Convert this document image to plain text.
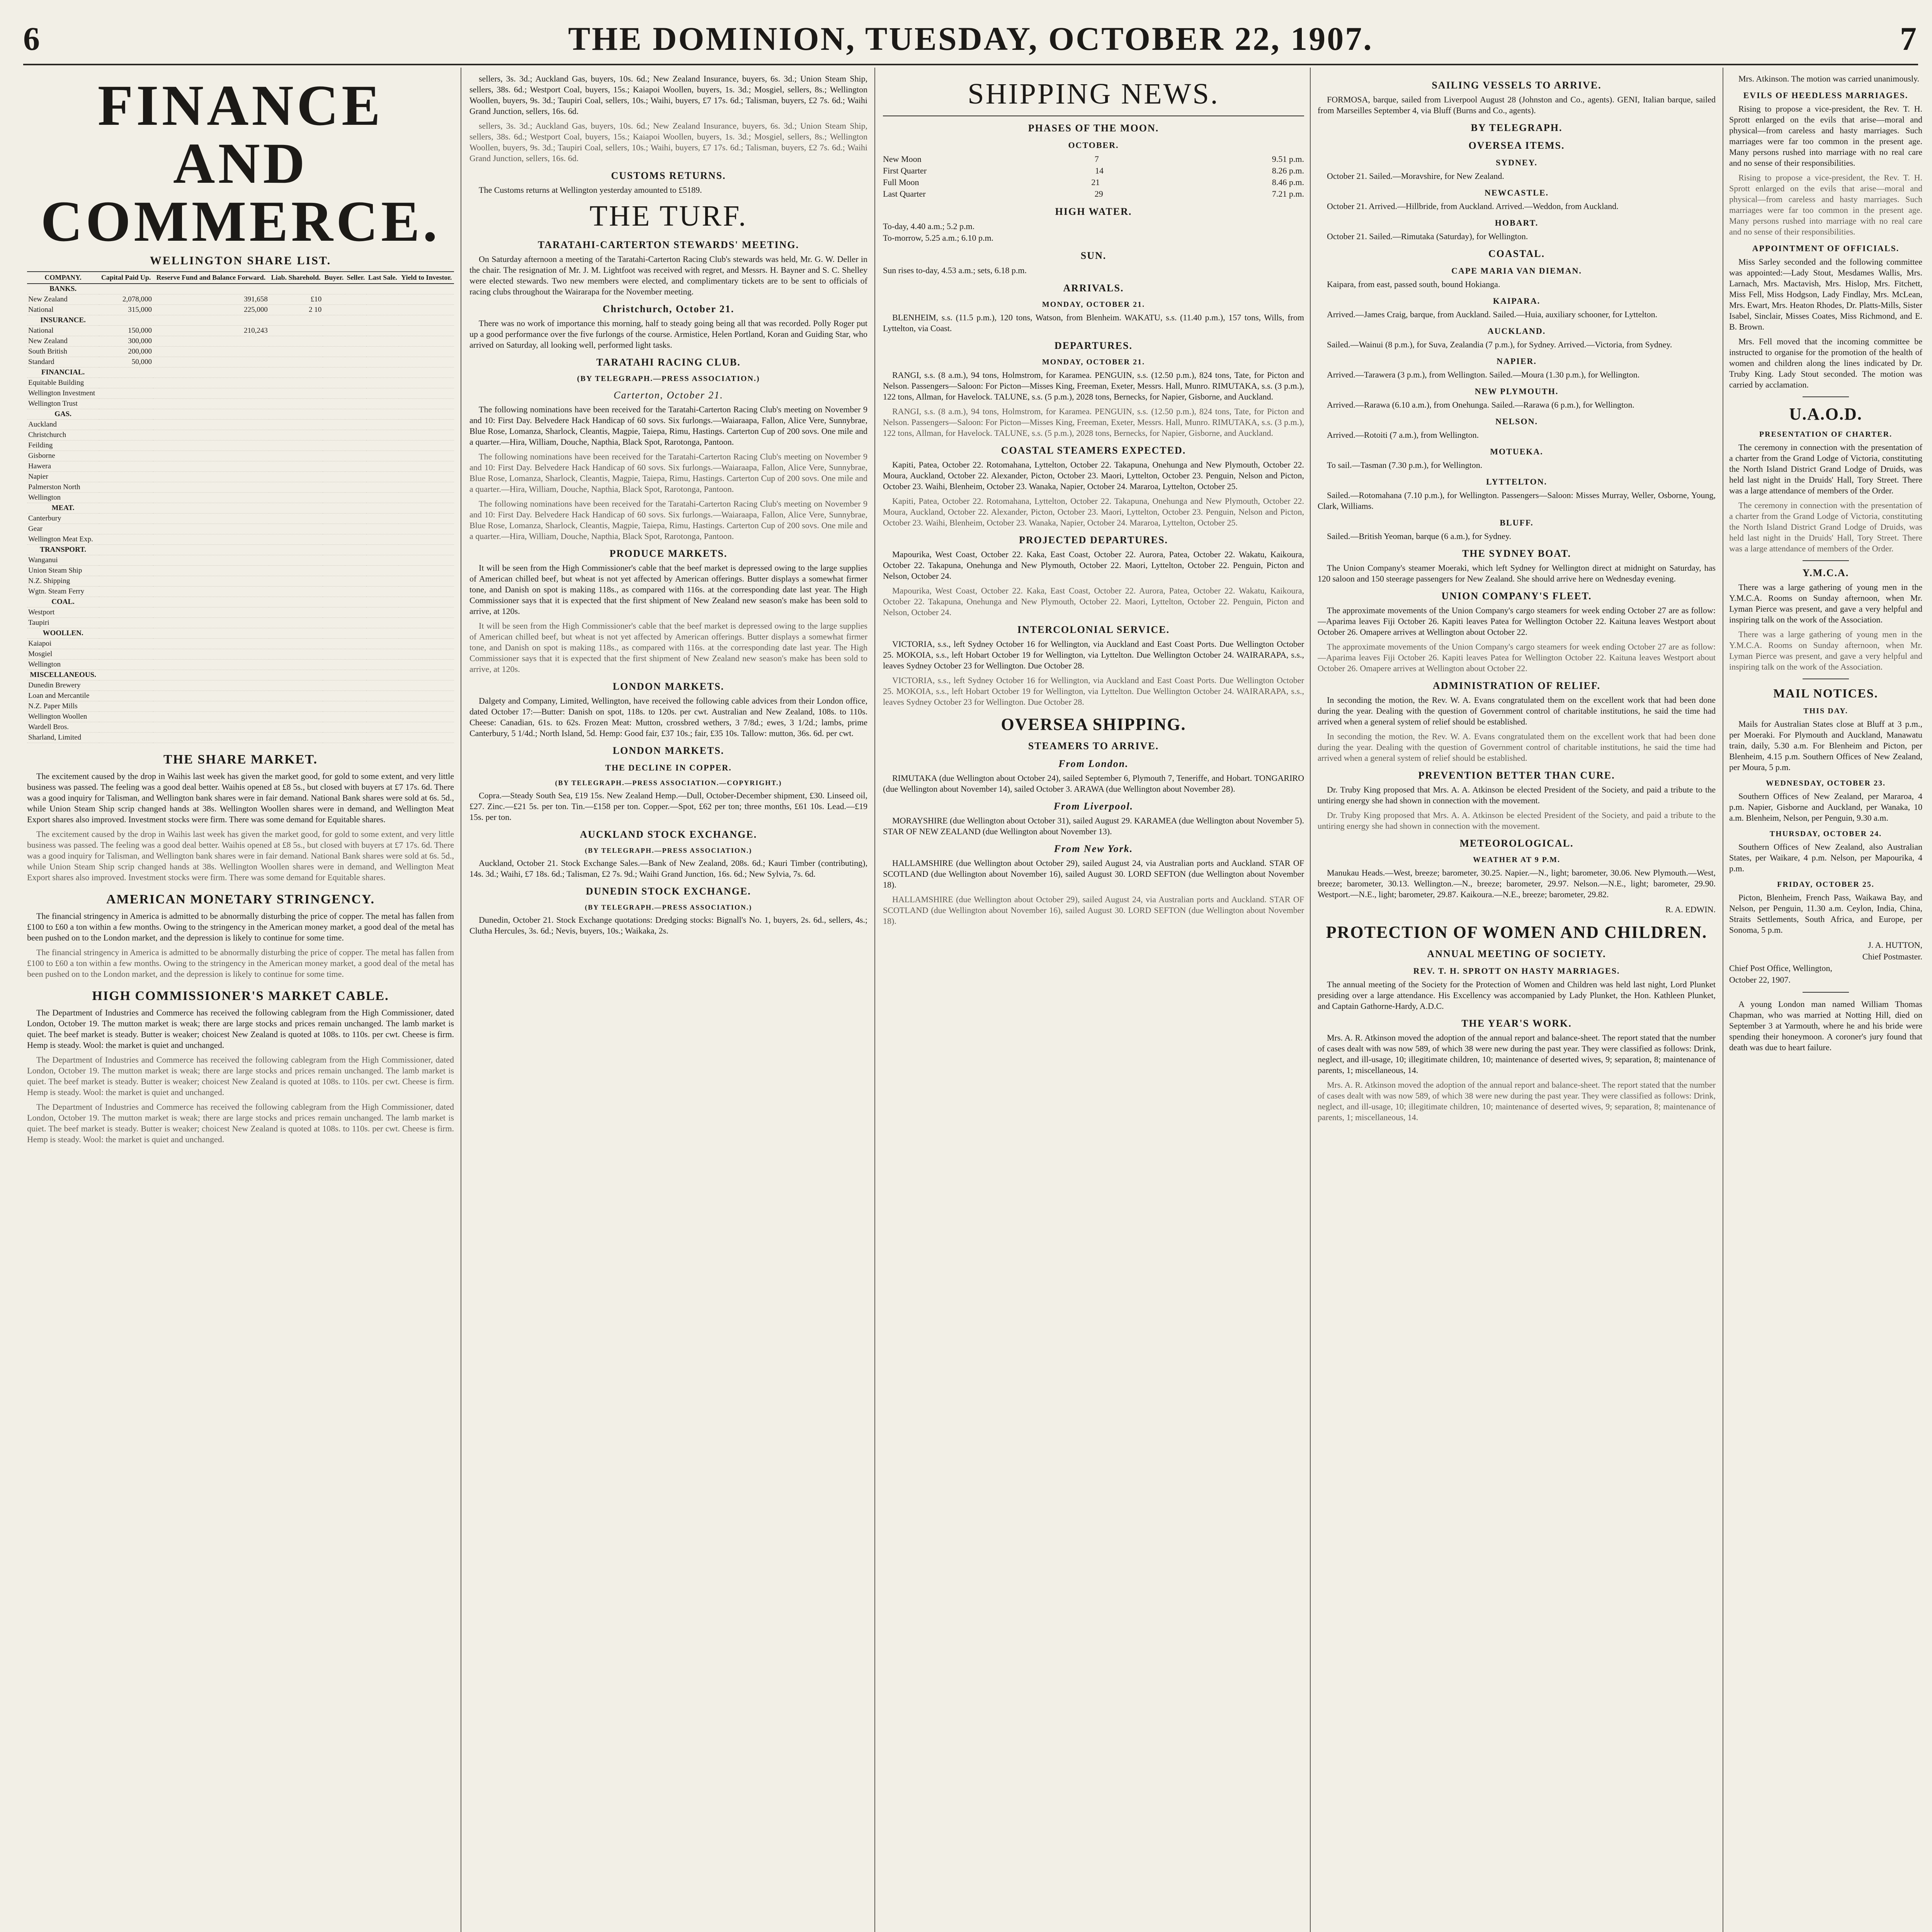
6	THE DOMINION, TUESDAY, OCTOBER 22, 1907.	7
FINANCE AND COMMERCE.
WELLINGTON SHARE LIST.
COMPANY.	Capital Paid Up.	Reserve Fund and Balance Forward.	Liab. Sharehold.	Buyer.	Seller.	Last Sale.	Yield to Investor.
BANKS.							
New Zealand	2,078,000	391,658	£10				
National	315,000	225,000	2 10				
INSURANCE.							
National	150,000	210,243					
New Zealand	300,000						
South British	200,000						
Standard	50,000						
FINANCIAL.							
Equitable Building							
Wellington Investment							
Wellington Trust							
GAS.							
Auckland							
Christchurch							
Feilding							
Gisborne							
Hawera							
Napier							
Palmerston North							
Wellington							
MEAT.							
Canterbury							
Gear							
Wellington Meat Exp.							
TRANSPORT.							
Wanganui							
Union Steam Ship							
N.Z. Shipping							
Wgtn. Steam Ferry							
COAL.							
Westport							
Taupiri							
WOOLLEN.							
Kaiapoi							
Mosgiel							
Wellington							
MISCELLANEOUS.							
Dunedin Brewery							
Loan and Mercantile							
N.Z. Paper Mills							
Wellington Woollen							
Wardell Bros.							
Sharland, Limited							
THE SHARE MARKET.

The excitement caused by the drop in Waihis last week has given the market good, for gold to some extent, and very little business was passed. The feeling was a good deal better. Waihis opened at £8 5s., but closed with buyers at £7 17s. 6d. There was a good inquiry for Talisman, and Wellington bank shares were in fair demand. National Bank shares were sold at 6s. 5d., while Union Steam Ship scrip changed hands at 38s. Wellington Woollen shares were in demand, and Wellington Meat Export shares also improved. Investment stocks were firm. There was some demand for Equitable shares.

The excitement caused by the drop in Waihis last week has given the market good, for gold to some extent, and very little business was passed. The feeling was a good deal better. Waihis opened at £8 5s., but closed with buyers at £7 17s. 6d. There was a good inquiry for Talisman, and Wellington bank shares were in fair demand. National Bank shares were sold at 6s. 5d., while Union Steam Ship scrip changed hands at 38s. Wellington Woollen shares were in demand, and Wellington Meat Export shares also improved. Investment stocks were firm. There was some demand for Equitable shares.

AMERICAN MONETARY STRINGENCY.

The financial stringency in America is admitted to be abnormally disturbing the price of copper. The metal has fallen from £100 to £60 a ton within a few months. Owing to the stringency in the American money market, a good deal of the metal has been pushed on to the London market, and the depression is likely to continue for some time.

The financial stringency in America is admitted to be abnormally disturbing the price of copper. The metal has fallen from £100 to £60 a ton within a few months. Owing to the stringency in the American money market, a good deal of the metal has been pushed on to the London market, and the depression is likely to continue for some time.

HIGH COMMISSIONER'S MARKET CABLE.

The Department of Industries and Commerce has received the following cablegram from the High Commissioner, dated London, October 19. The mutton market is weak; there are large stocks and prices remain unchanged. The lamb market is quiet. The beef market is steady. Butter is weaker; choicest New Zealand is quoted at 108s. to 110s. per cwt. Cheese is firm. Hemp is steady. Wool: the market is quiet and unchanged.

The Department of Industries and Commerce has received the following cablegram from the High Commissioner, dated London, October 19. The mutton market is weak; there are large stocks and prices remain unchanged. The lamb market is quiet. The beef market is steady. Butter is weaker; choicest New Zealand is quoted at 108s. to 110s. per cwt. Cheese is firm. Hemp is steady. Wool: the market is quiet and unchanged.

The Department of Industries and Commerce has received the following cablegram from the High Commissioner, dated London, October 19. The mutton market is weak; there are large stocks and prices remain unchanged. The lamb market is quiet. The beef market is steady. Butter is weaker; choicest New Zealand is quoted at 108s. to 110s. per cwt. Cheese is firm. Hemp is steady. Wool: the market is quiet and unchanged.

sellers, 3s. 3d.; Auckland Gas, buyers, 10s. 6d.; New Zealand Insurance, buyers, 6s. 3d.; Union Steam Ship, sellers, 38s. 6d.; Westport Coal, buyers, 15s.; Kaiapoi Woollen, buyers, 1s. 3d.; Mosgiel, sellers, 8s.; Wellington Woollen, buyers, 9s. 3d.; Taupiri Coal, sellers, 10s.; Waihi, buyers, £7 17s. 6d.; Talisman, buyers, £2 7s. 6d.; Waihi Grand Junction, sellers, 16s. 6d.

sellers, 3s. 3d.; Auckland Gas, buyers, 10s. 6d.; New Zealand Insurance, buyers, 6s. 3d.; Union Steam Ship, sellers, 38s. 6d.; Westport Coal, buyers, 15s.; Kaiapoi Woollen, buyers, 1s. 3d.; Mosgiel, sellers, 8s.; Wellington Woollen, buyers, 9s. 3d.; Taupiri Coal, sellers, 10s.; Waihi, buyers, £7 17s. 6d.; Talisman, buyers, £2 7s. 6d.; Waihi Grand Junction, sellers, 16s. 6d.

CUSTOMS RETURNS.

The Customs returns at Wellington yesterday amounted to £5189.

THE TURF.
TARATAHI-CARTERTON STEWARDS' MEETING.

On Saturday afternoon a meeting of the Taratahi-Carterton Racing Club's stewards was held, Mr. G. W. Deller in the chair. The resignation of Mr. J. M. Lightfoot was received with regret, and Messrs. H. Bayner and S. C. Shelley were elected stewards. Two new members were elected, and complimentary tickets are to be sent to officials of racing clubs throughout the Wairarapa for the November meeting.

Christchurch, October 21.

There was no work of importance this morning, half to steady going being all that was recorded. Polly Roger put up a good performance over the five furlongs of the course. Armistice, Helen Portland, Koran and Guiding Star, who arrived on Saturday, all looking well, performed light tasks.

TARATAHI RACING CLUB.
(BY TELEGRAPH.—PRESS ASSOCIATION.)
Carterton, October 21.

The following nominations have been received for the Taratahi-Carterton Racing Club's meeting on November 9 and 10: First Day. Belvedere Hack Handicap of 60 sovs. Six furlongs.—Waiaraapa, Fallon, Alice Vere, Sunnybrae, Blue Rose, Lomanza, Sharlock, Cleantis, Magpie, Taiepa, Rimu, Hastings. Carterton Cup of 200 sovs. One mile and a quarter.—Hira, William, Douche, Napthia, Black Spot, Rarotonga, Pantoon.

The following nominations have been received for the Taratahi-Carterton Racing Club's meeting on November 9 and 10: First Day. Belvedere Hack Handicap of 60 sovs. Six furlongs.—Waiaraapa, Fallon, Alice Vere, Sunnybrae, Blue Rose, Lomanza, Sharlock, Cleantis, Magpie, Taiepa, Rimu, Hastings. Carterton Cup of 200 sovs. One mile and a quarter.—Hira, William, Douche, Napthia, Black Spot, Rarotonga, Pantoon.

The following nominations have been received for the Taratahi-Carterton Racing Club's meeting on November 9 and 10: First Day. Belvedere Hack Handicap of 60 sovs. Six furlongs.—Waiaraapa, Fallon, Alice Vere, Sunnybrae, Blue Rose, Lomanza, Sharlock, Cleantis, Magpie, Taiepa, Rimu, Hastings. Carterton Cup of 200 sovs. One mile and a quarter.—Hira, William, Douche, Napthia, Black Spot, Rarotonga, Pantoon.

PRODUCE MARKETS.

It will be seen from the High Commissioner's cable that the beef market is depressed owing to the large supplies of American chilled beef, but wheat is not yet affected by American offerings. Butter displays a somewhat firmer tone, and Danish on spot is making 118s., as compared with 116s. at the corresponding date last year. The High Commissioner says that it is expected that the first shipment of New Zealand new season's make has been sold to arrive, at 120s.

It will be seen from the High Commissioner's cable that the beef market is depressed owing to the large supplies of American chilled beef, but wheat is not yet affected by American offerings. Butter displays a somewhat firmer tone, and Danish on spot is making 118s., as compared with 116s. at the corresponding date last year. The High Commissioner says that it is expected that the first shipment of New Zealand new season's make has been sold to arrive, at 120s.

LONDON MARKETS.

Dalgety and Company, Limited, Wellington, have received the following cable advices from their London office, dated October 17:—Butter: Danish on spot, 118s. to 120s. per cwt. Australian and New Zealand, 108s. to 110s. Cheese: Canadian, 61s. to 62s. Frozen Meat: Mutton, crossbred wethers, 3 7/8d.; ewes, 3 1/2d.; lambs, prime Canterbury, 5 1/4d.; North Island, 5d. Hemp: Good fair, £37 10s.; fair, £35 10s. Tallow: mutton, 36s. 6d. per cwt.

LONDON MARKETS.
THE DECLINE IN COPPER.
(BY TELEGRAPH.—PRESS ASSOCIATION.—COPYRIGHT.)

Copra.—Steady South Sea, £19 15s. New Zealand Hemp.—Dull, October-December shipment, £30. Linseed oil, £27. Zinc.—£21 5s. per ton. Tin.—£158 per ton. Copper.—Spot, £62 per ton; three months, £61 10s. Lead.—£19 15s. per ton.

AUCKLAND STOCK EXCHANGE.
(BY TELEGRAPH.—PRESS ASSOCIATION.)

Auckland, October 21. Stock Exchange Sales.—Bank of New Zealand, 208s. 6d.; Kauri Timber (contributing), 14s. 3d.; Waihi, £7 18s. 6d.; Talisman, £2 7s. 9d.; Waihi Grand Junction, 16s. 6d.; New Sylvia, 7s. 6d.

DUNEDIN STOCK EXCHANGE.
(BY TELEGRAPH.—PRESS ASSOCIATION.)

Dunedin, October 21. Stock Exchange quotations: Dredging stocks: Bignall's No. 1, buyers, 2s. 6d., sellers, 4s.; Clutha Hercules, 3s. 6d.; Nevis, buyers, 10s.; Waikaka, 2s.

SHIPPING NEWS.
PHASES OF THE MOON.
OCTOBER.
New Moon	7	9.51 p.m.
First Quarter	14	8.26 p.m.
Full Moon	21	8.46 p.m.
Last Quarter	29	7.21 p.m.
HIGH WATER.

To-day, 4.40 a.m.; 5.2 p.m.

To-morrow, 5.25 a.m.; 6.10 p.m.

SUN.

Sun rises to-day, 4.53 a.m.; sets, 6.18 p.m.

ARRIVALS.
MONDAY, OCTOBER 21.

BLENHEIM, s.s. (11.5 p.m.), 120 tons, Watson, from Blenheim. WAKATU, s.s. (11.40 p.m.), 157 tons, Wills, from Lyttelton, via Coast.

DEPARTURES.
MONDAY, OCTOBER 21.

RANGI, s.s. (8 a.m.), 94 tons, Holmstrom, for Karamea. PENGUIN, s.s. (12.50 p.m.), 824 tons, Tate, for Picton and Nelson. Passengers—Saloon: For Picton—Misses King, Freeman, Exeter, Messrs. Hall, Munro. RIMUTAKA, s.s. (3 p.m.), 122 tons, Allman, for Havelock. TALUNE, s.s. (5 p.m.), 2028 tons, Bernecks, for Napier, Gisborne, and Auckland.

RANGI, s.s. (8 a.m.), 94 tons, Holmstrom, for Karamea. PENGUIN, s.s. (12.50 p.m.), 824 tons, Tate, for Picton and Nelson. Passengers—Saloon: For Picton—Misses King, Freeman, Exeter, Messrs. Hall, Munro. RIMUTAKA, s.s. (3 p.m.), 122 tons, Allman, for Havelock. TALUNE, s.s. (5 p.m.), 2028 tons, Bernecks, for Napier, Gisborne, and Auckland.

COASTAL STEAMERS EXPECTED.

Kapiti, Patea, October 22. Rotomahana, Lyttelton, October 22. Takapuna, Onehunga and New Plymouth, October 22. Moura, Auckland, October 22. Alexander, Picton, October 23. Maori, Lyttelton, October 23. Penguin, Nelson and Picton, October 23. Waihi, Blenheim, October 23. Wanaka, Napier, October 24. Mararoa, Lyttelton, October 25.

Kapiti, Patea, October 22. Rotomahana, Lyttelton, October 22. Takapuna, Onehunga and New Plymouth, October 22. Moura, Auckland, October 22. Alexander, Picton, October 23. Maori, Lyttelton, October 23. Penguin, Nelson and Picton, October 23. Waihi, Blenheim, October 23. Wanaka, Napier, October 24. Mararoa, Lyttelton, October 25.

PROJECTED DEPARTURES.

Mapourika, West Coast, October 22. Kaka, East Coast, October 22. Aurora, Patea, October 22. Wakatu, Kaikoura, October 22. Takapuna, Onehunga and New Plymouth, October 22. Maori, Lyttelton, October 22. Penguin, Picton and Nelson, October 24.

Mapourika, West Coast, October 22. Kaka, East Coast, October 22. Aurora, Patea, October 22. Wakatu, Kaikoura, October 22. Takapuna, Onehunga and New Plymouth, October 22. Maori, Lyttelton, October 22. Penguin, Picton and Nelson, October 24.

INTERCOLONIAL SERVICE.

VICTORIA, s.s., left Sydney October 16 for Wellington, via Auckland and East Coast Ports. Due Wellington October 25. MOKOIA, s.s., left Hobart October 19 for Wellington, via Lyttelton. Due Wellington October 24. WAIRARAPA, s.s., leaves Sydney October 23 for Wellington. Due October 28.

VICTORIA, s.s., left Sydney October 16 for Wellington, via Auckland and East Coast Ports. Due Wellington October 25. MOKOIA, s.s., left Hobart October 19 for Wellington, via Lyttelton. Due Wellington October 24. WAIRARAPA, s.s., leaves Sydney October 23 for Wellington. Due October 28.

OVERSEA SHIPPING.
STEAMERS TO ARRIVE.
From London.

RIMUTAKA (due Wellington about October 24), sailed September 6, Plymouth 7, Teneriffe, and Hobart. TONGARIRO (due Wellington about November 14), sailed October 3. ARAWA (due Wellington about November 28).

From Liverpool.

MORAYSHIRE (due Wellington about October 31), sailed August 29. KARAMEA (due Wellington about November 5). STAR OF NEW ZEALAND (due Wellington about November 13).

From New York.

HALLAMSHIRE (due Wellington about October 29), sailed August 24, via Australian ports and Auckland. STAR OF SCOTLAND (due Wellington about November 16), sailed August 30. LORD SEFTON (due Wellington about November 18).

HALLAMSHIRE (due Wellington about October 29), sailed August 24, via Australian ports and Auckland. STAR OF SCOTLAND (due Wellington about November 16), sailed August 30. LORD SEFTON (due Wellington about November 18).

SAILING VESSELS TO ARRIVE.

FORMOSA, barque, sailed from Liverpool August 28 (Johnston and Co., agents). GENI, Italian barque, sailed from Marseilles September 4, via Bluff (Burns and Co., agents).

BY TELEGRAPH.
OVERSEA ITEMS.
SYDNEY.

October 21. Sailed.—Moravshire, for New Zealand.

NEWCASTLE.

October 21. Arrived.—Hillbride, from Auckland. Arrived.—Weddon, from Auckland.

HOBART.

October 21. Sailed.—Rimutaka (Saturday), for Wellington.

COASTAL.
CAPE MARIA VAN DIEMAN.

Kaipara, from east, passed south, bound Hokianga.

KAIPARA.

Arrived.—James Craig, barque, from Auckland. Sailed.—Huia, auxiliary schooner, for Lyttelton.

AUCKLAND.

Sailed.—Wainui (8 p.m.), for Suva, Zealandia (7 p.m.), for Sydney. Arrived.—Victoria, from Sydney.

NAPIER.

Arrived.—Tarawera (3 p.m.), from Wellington. Sailed.—Moura (1.30 p.m.), for Wellington.

NEW PLYMOUTH.

Arrived.—Rarawa (6.10 a.m.), from Onehunga. Sailed.—Rarawa (6 p.m.), for Wellington.

NELSON.

Arrived.—Rotoiti (7 a.m.), from Wellington.

MOTUEKA.

To sail.—Tasman (7.30 p.m.), for Wellington.

LYTTELTON.

Sailed.—Rotomahana (7.10 p.m.), for Wellington. Passengers—Saloon: Misses Murray, Weller, Osborne, Young, Clark, Williams.

BLUFF.

Sailed.—British Yeoman, barque (6 a.m.), for Sydney.

THE SYDNEY BOAT.

The Union Company's steamer Moeraki, which left Sydney for Wellington direct at midnight on Saturday, has 120 saloon and 150 steerage passengers for New Zealand. She should arrive here on Wednesday evening.

UNION COMPANY'S FLEET.

The approximate movements of the Union Company's cargo steamers for week ending October 27 are as follow:—Aparima leaves Fiji October 26. Kapiti leaves Patea for Wellington October 22. Kaituna leaves Westport about October 26. Omapere arrives at Wellington about October 22.

The approximate movements of the Union Company's cargo steamers for week ending October 27 are as follow:—Aparima leaves Fiji October 26. Kapiti leaves Patea for Wellington October 22. Kaituna leaves Westport about October 26. Omapere arrives at Wellington about October 22.

ADMINISTRATION OF RELIEF.

In seconding the motion, the Rev. W. A. Evans congratulated them on the excellent work that had been done during the year. Dealing with the question of Government control of charitable institutions, he said the time had arrived when a general system of relief should be established.

In seconding the motion, the Rev. W. A. Evans congratulated them on the excellent work that had been done during the year. Dealing with the question of Government control of charitable institutions, he said the time had arrived when a general system of relief should be established.

PREVENTION BETTER THAN CURE.

Dr. Truby King proposed that Mrs. A. A. Atkinson be elected President of the Society, and paid a tribute to the untiring energy she had shown in connection with the movement.

Dr. Truby King proposed that Mrs. A. A. Atkinson be elected President of the Society, and paid a tribute to the untiring energy she had shown in connection with the movement.

METEOROLOGICAL.
WEATHER AT 9 P.M.

Manukau Heads.—West, breeze; barometer, 30.25. Napier.—N., light; barometer, 30.06. New Plymouth.—West, breeze; barometer, 30.13. Wellington.—N., breeze; barometer, 29.97. Nelson.—N.E., light; barometer, 29.90. Westport.—N.E., light; barometer, 29.87. Kaikoura.—N.E., breeze; barometer, 29.82.

R. A. EDWIN.

PROTECTION OF WOMEN AND CHILDREN.
ANNUAL MEETING OF SOCIETY.
REV. T. H. SPROTT ON HASTY MARRIAGES.

The annual meeting of the Society for the Protection of Women and Children was held last night, Lord Plunket presiding over a large attendance. His Excellency was accompanied by Lady Plunket, the Hon. Kathleen Plunket, and Captain Gathorne-Hardy, A.D.C.

THE YEAR'S WORK.

Mrs. A. R. Atkinson moved the adoption of the annual report and balance-sheet. The report stated that the number of cases dealt with was now 589, of which 38 were new during the past year. They were classified as follows: Drink, neglect, and ill-usage, 10; illegitimate children, 10; maintenance of deserted wives, 9; separation, 8; maintenance of parents, 1; miscellaneous, 14.

Mrs. A. R. Atkinson moved the adoption of the annual report and balance-sheet. The report stated that the number of cases dealt with was now 589, of which 38 were new during the past year. They were classified as follows: Drink, neglect, and ill-usage, 10; illegitimate children, 10; maintenance of deserted wives, 9; separation, 8; maintenance of parents, 1; miscellaneous, 14.

Mrs. Atkinson. The motion was carried unanimously.

EVILS OF HEEDLESS MARRIAGES.

Rising to propose a vice-president, the Rev. T. H. Sprott enlarged on the evils that arise—moral and physical—from careless and hasty marriages. Such marriages were far too common in the present age. Many persons rushed into marriage with no real care and no sense of their responsibilities.

Rising to propose a vice-president, the Rev. T. H. Sprott enlarged on the evils that arise—moral and physical—from careless and hasty marriages. Such marriages were far too common in the present age. Many persons rushed into marriage with no real care and no sense of their responsibilities.

APPOINTMENT OF OFFICIALS.

Miss Sarley seconded and the following committee was appointed:—Lady Stout, Mesdames Wallis, Mrs. Larnach, Mrs. Mactavish, Mrs. Hislop, Mrs. Fitchett, Miss Fell, Miss Hodgson, Lady Findlay, Mrs. McLean, Mrs. Ewart, Mrs. Heaton Rhodes, Dr. Platts-Mills, Sister Isabel, Sinclair, Misses Coates, Miss Richmond, and E. B. Brown.

Mrs. Fell moved that the incoming committee be instructed to organise for the promotion of the health of women and children along the lines indicated by Dr. Truby King. Lady Stout seconded. The motion was carried by acclamation.

U.A.O.D.
PRESENTATION OF CHARTER.

The ceremony in connection with the presentation of a charter from the Grand Lodge of Victoria, constituting the North Island District Grand Lodge of Druids, was held last night in the Druids' Hall, Tory Street. There was a large attendance of members of the Order.

The ceremony in connection with the presentation of a charter from the Grand Lodge of Victoria, constituting the North Island District Grand Lodge of Druids, was held last night in the Druids' Hall, Tory Street. There was a large attendance of members of the Order.

Y.M.C.A.

There was a large gathering of young men in the Y.M.C.A. Rooms on Sunday afternoon, when Mr. Lyman Pierce was present, and gave a very helpful and inspiring talk on the work of the Association.

There was a large gathering of young men in the Y.M.C.A. Rooms on Sunday afternoon, when Mr. Lyman Pierce was present, and gave a very helpful and inspiring talk on the work of the Association.

MAIL NOTICES.
THIS DAY.

Mails for Australian States close at Bluff at 3 p.m., per Moeraki. For Plymouth and Auckland, Manawatu train, daily, 5.30 a.m. For Blenheim and Picton, per Blenheim, 4.15 p.m. Southern Offices of New Zealand, per Moura, 5 p.m.

WEDNESDAY, OCTOBER 23.

Southern Offices of New Zealand, per Mararoa, 4 p.m. Napier, Gisborne and Auckland, per Wanaka, 10 a.m. Blenheim, Nelson, per Penguin, 9.30 a.m.

THURSDAY, OCTOBER 24.

Southern Offices of New Zealand, also Australian States, per Waikare, 4 p.m. Nelson, per Mapourika, 4 p.m.

FRIDAY, OCTOBER 25.

Picton, Blenheim, French Pass, Waikawa Bay, and Nelson, per Penguin, 11.30 a.m. Ceylon, India, China, Straits Settlements, South Africa, and Europe, per Sonoma, 5 p.m.

J. A. HUTTON,

Chief Postmaster.

Chief Post Office, Wellington,

October 22, 1907.

A young London man named William Thomas Chapman, who was married at Notting Hill, died on September 3 at Yarmouth, where he and his bride were spending their honeymoon. A coroner's jury found that death was due to heart failure.
